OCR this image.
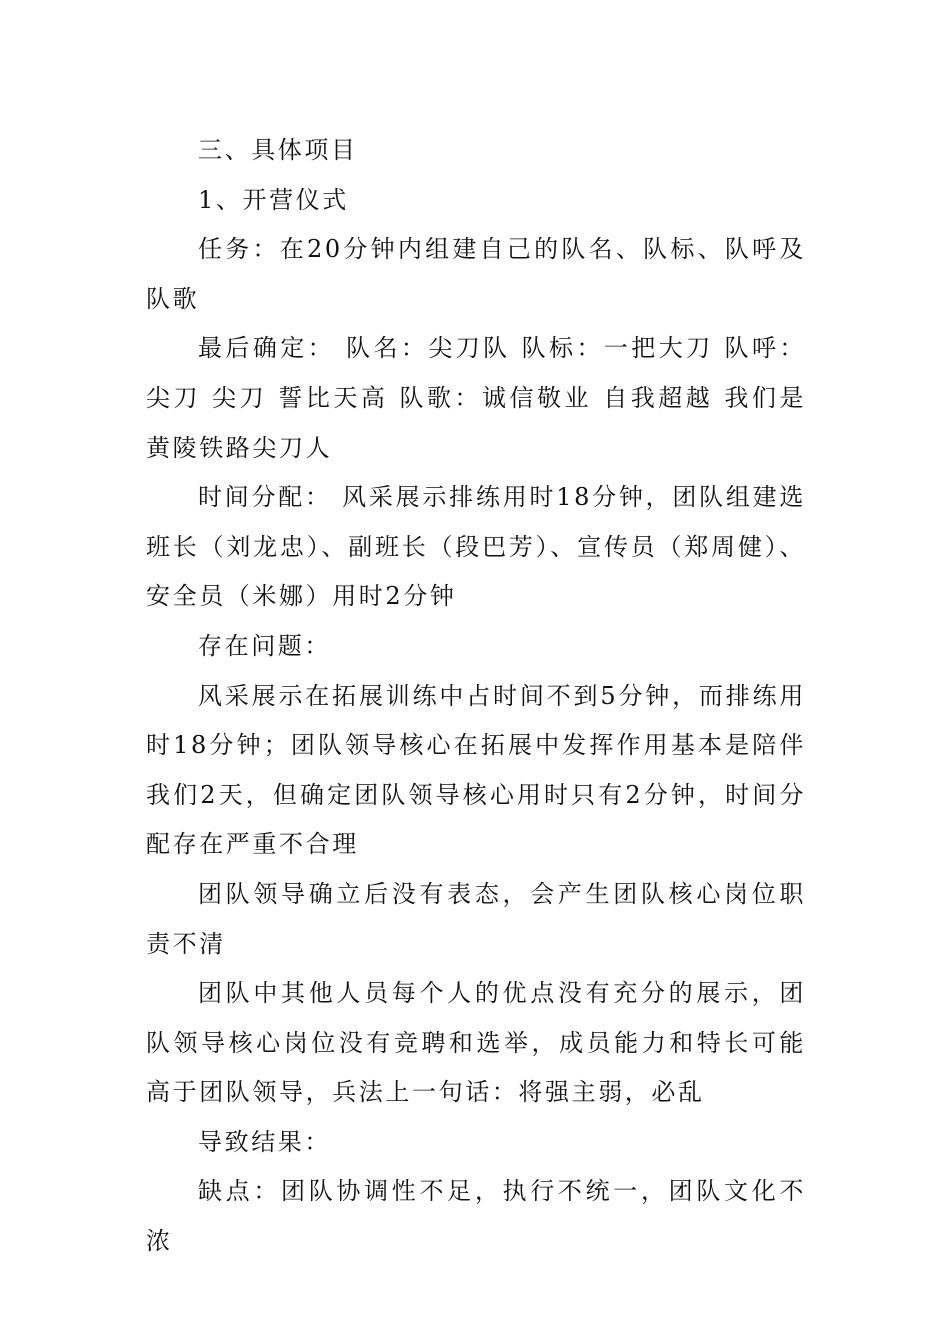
三、具体项目

1、开营仪式

任务：在20分钟内组建自己的队名、队标、队呼及队歌

最后确定： 队名：尖刀队 队标：一把大刀 队呼：尖刀 尖刀 誓比天高 队歌：诚信敬业 自我超越 我们是黄陵铁路尖刀人

时间分配： 风采展示排练用时18分钟，团队组建选班长（刘龙忠）、副班长（段巴芳）、宣传员（郑周健）、安全员（米娜）用时2分钟

存在问题：

风采展示在拓展训练中占时间不到5分钟，而排练用时18分钟；团队领导核心在拓展中发挥作用基本是陪伴我们2天，但确定团队领导核心用时只有2分钟，时间分配存在严重不合理

团队领导确立后没有表态，会产生团队核心岗位职责不清

团队中其他人员每个人的优点没有充分的展示，团队领导核心岗位没有竞聘和选举，成员能力和特长可能高于团队领导，兵法上一句话：将强主弱，必乱

导致结果：

缺点：团队协调性不足，执行不统一，团队文化不浓
